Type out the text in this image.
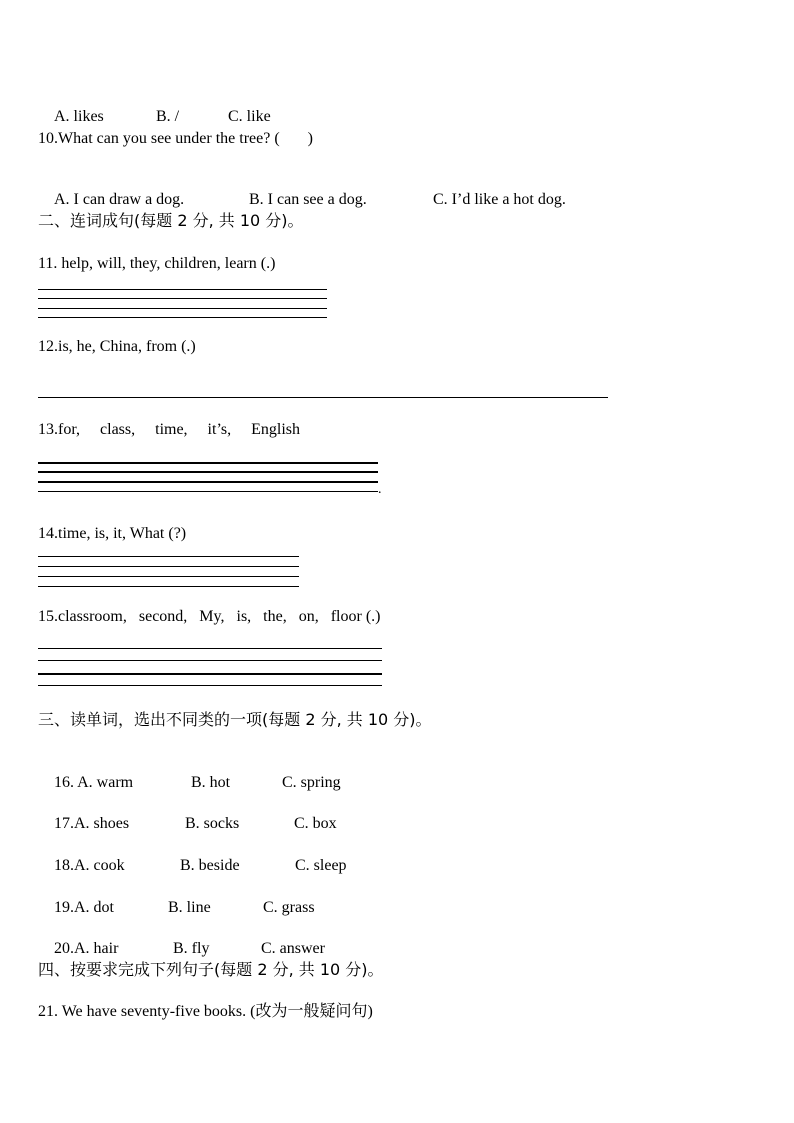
A. likes	B. /	C. like

10.What can you see under the tree? (       )

A. I can draw a dog.	B. I can see a dog.	C. I’d like a hot dog.

二、连词成句(每题 2 分, 共 10 分)。
11. help, will, they, children, learn (.)
12.is, he, China, from (.)
13.for,     class,     time,     it’s,     English
.
14.time, is, it, What (?)
15.classroom,   second,   My,   is,   the,   on,   floor (.)
三、读单词，选出不同类的一项(每题 2 分, 共 10 分)。

16. A. warm	B. hot	C. spring

17.A. shoes	B. socks	C. box

18.A. cook	B. beside	C. sleep

19.A. dot	B. line	C. grass

20.A. hair	B. fly	C. answer

四、按要求完成下列句子(每题 2 分, 共 10 分)。
21. We have seventy-five books. (改为一般疑问句)
